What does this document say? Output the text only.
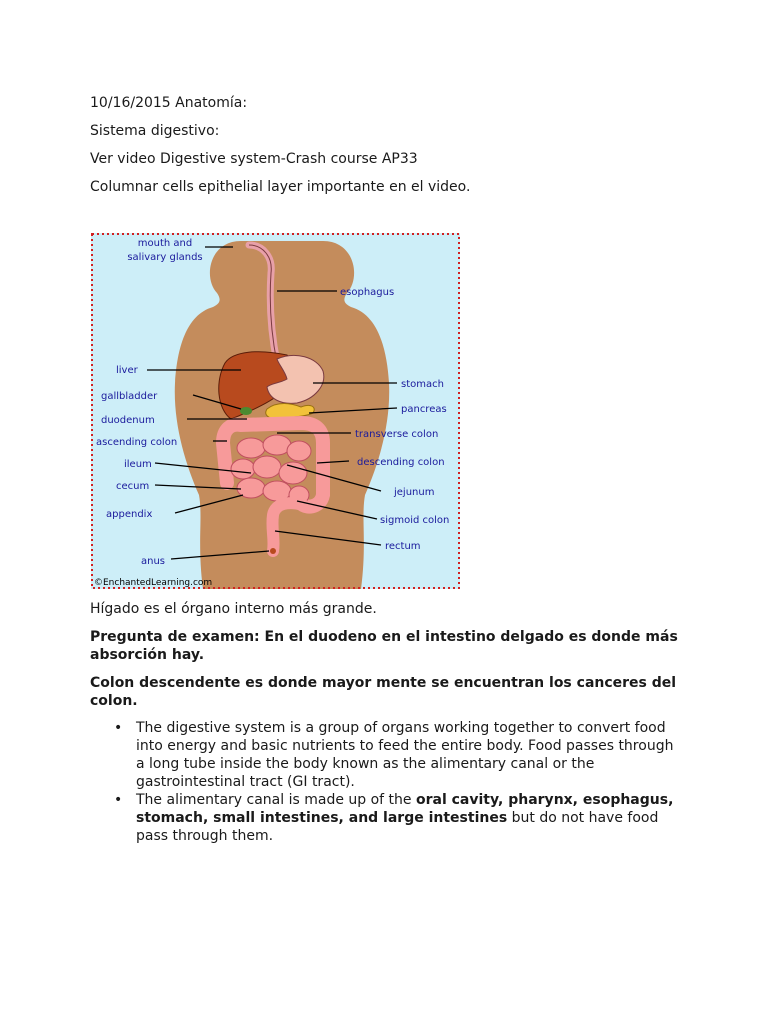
10/16/2015 Anatomía:
Sistema digestivo:
Ver video Digestive system-Crash course AP33
Columnar cells epithelial layer importante en el video.
mouth and
salivary glands
esophagus
liver
stomach
gallbladder
pancreas
duodenum
transverse colon
ascending colon
descending colon
ileum
jejunum
cecum
appendix
sigmoid colon
rectum
anus
©EnchantedLearning.com
Hígado es el órgano interno más grande.
Pregunta de examen: En el duodeno en el intestino delgado es donde más absorción hay.
Colon descendente es donde mayor mente se encuentran los canceres del colon.
• The digestive system is a group of organs working together to convert food into energy and basic nutrients to feed the entire body. Food passes through a long tube inside the body known as the alimentary canal or the gastrointestinal tract (GI tract).
• The alimentary canal is made up of the oral cavity, pharynx, esophagus, stomach, small intestines, and large intestines but do not have food pass through them.
